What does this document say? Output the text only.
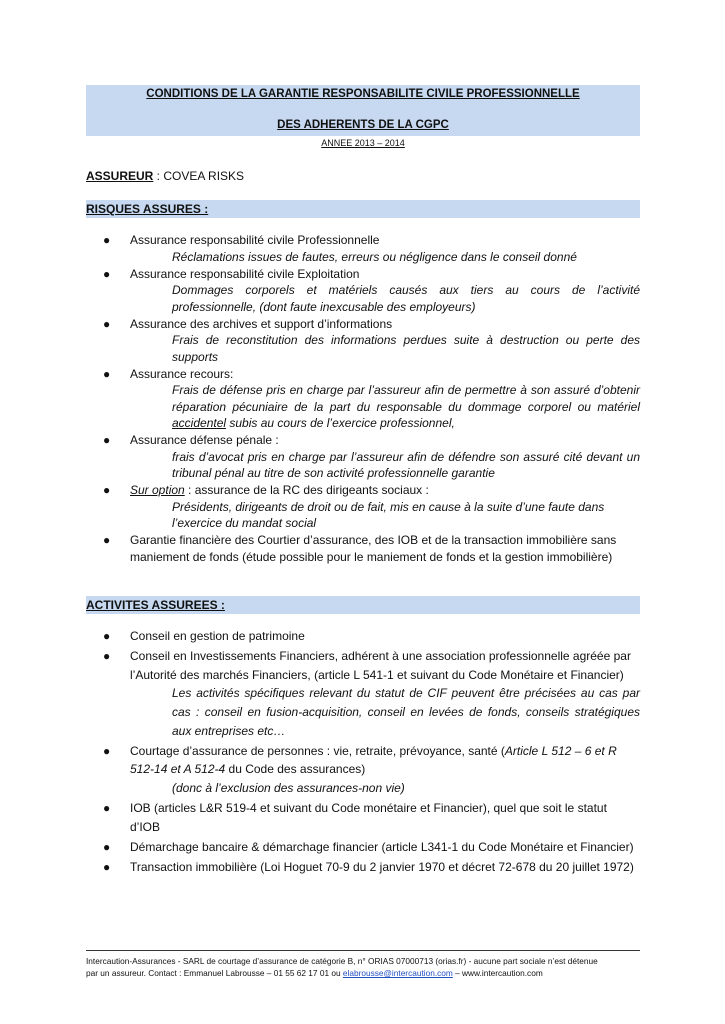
CONDITIONS DE LA GARANTIE RESPONSABILITE CIVILE PROFESSIONNELLE
DES ADHERENTS DE LA CGPC
ANNEE 2013 – 2014
ASSUREUR : COVEA RISKS
RISQUES ASSURES :
● Assurance responsabilité civile Professionnelle
Réclamations issues de fautes, erreurs ou négligence dans le conseil donné
● Assurance responsabilité civile Exploitation
Dommages corporels et matériels causés aux tiers au cours de l’activité professionnelle, (dont faute inexcusable des employeurs)
● Assurance des archives et support d’informations
Frais de reconstitution des informations perdues suite à destruction ou perte des supports
● Assurance recours:
Frais de défense pris en charge par l’assureur afin de permettre à son assuré d’obtenir réparation pécuniaire de la part du responsable du dommage corporel ou matériel accidentel subis au cours de l’exercice professionnel,
● Assurance défense pénale :
frais d’avocat pris en charge par l’assureur afin de défendre son assuré cité devant un tribunal pénal au titre de son activité professionnelle garantie
● Sur option : assurance de la RC des dirigeants sociaux :
Présidents, dirigeants de droit ou de fait, mis en cause à la suite d’une faute dans l’exercice du mandat social
● Garantie financière des Courtier d’assurance, des IOB et de la transaction immobilière sans maniement de fonds (étude possible pour le maniement de fonds et la gestion immobilière)
ACTIVITES ASSUREES :
● Conseil en gestion de patrimoine
● Conseil en Investissements Financiers, adhérent à une association professionnelle agréée par l’Autorité des marchés Financiers, (article L 541-1 et suivant du Code Monétaire et Financier)
Les activités spécifiques relevant du statut de CIF peuvent être précisées au cas par cas : conseil en fusion-acquisition, conseil en levées de fonds, conseils stratégiques aux entreprises etc…
● Courtage d’assurance de personnes : vie, retraite, prévoyance, santé (Article L 512 – 6 et R 512-14 et A 512-4 du Code des assurances)
(donc à l’exclusion des assurances-non vie)
● IOB (articles L&R 519-4 et suivant du Code monétaire et Financier), quel que soit le statut d’IOB
● Démarchage bancaire & démarchage financier (article L341-1 du Code Monétaire et Financier)
● Transaction immobilière (Loi Hoguet 70-9 du 2 janvier 1970 et décret 72-678 du 20 juillet 1972)
Intercaution-Assurances - SARL de courtage d’assurance de catégorie B, n° ORIAS 07000713 (orias.fr) - aucune part sociale n’est détenue
par un assureur. Contact : Emmanuel Labrousse – 01 55 62 17 01 ou elabrousse@intercaution.com – www.intercaution.com
